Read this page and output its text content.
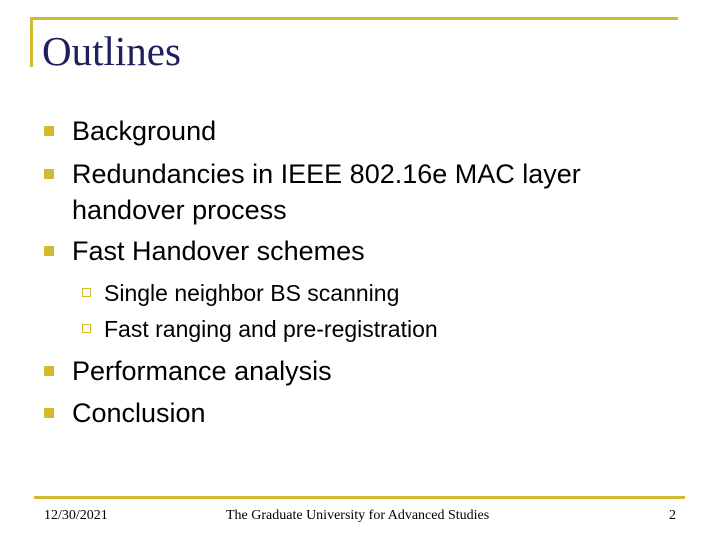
Outlines
Background
Redundancies in IEEE 802.16e MAC layer
handover process
Fast Handover schemes
Single neighbor BS scanning
Fast ranging and pre-registration
Performance analysis
Conclusion
12/30/2021	The Graduate University for Advanced Studies	2
